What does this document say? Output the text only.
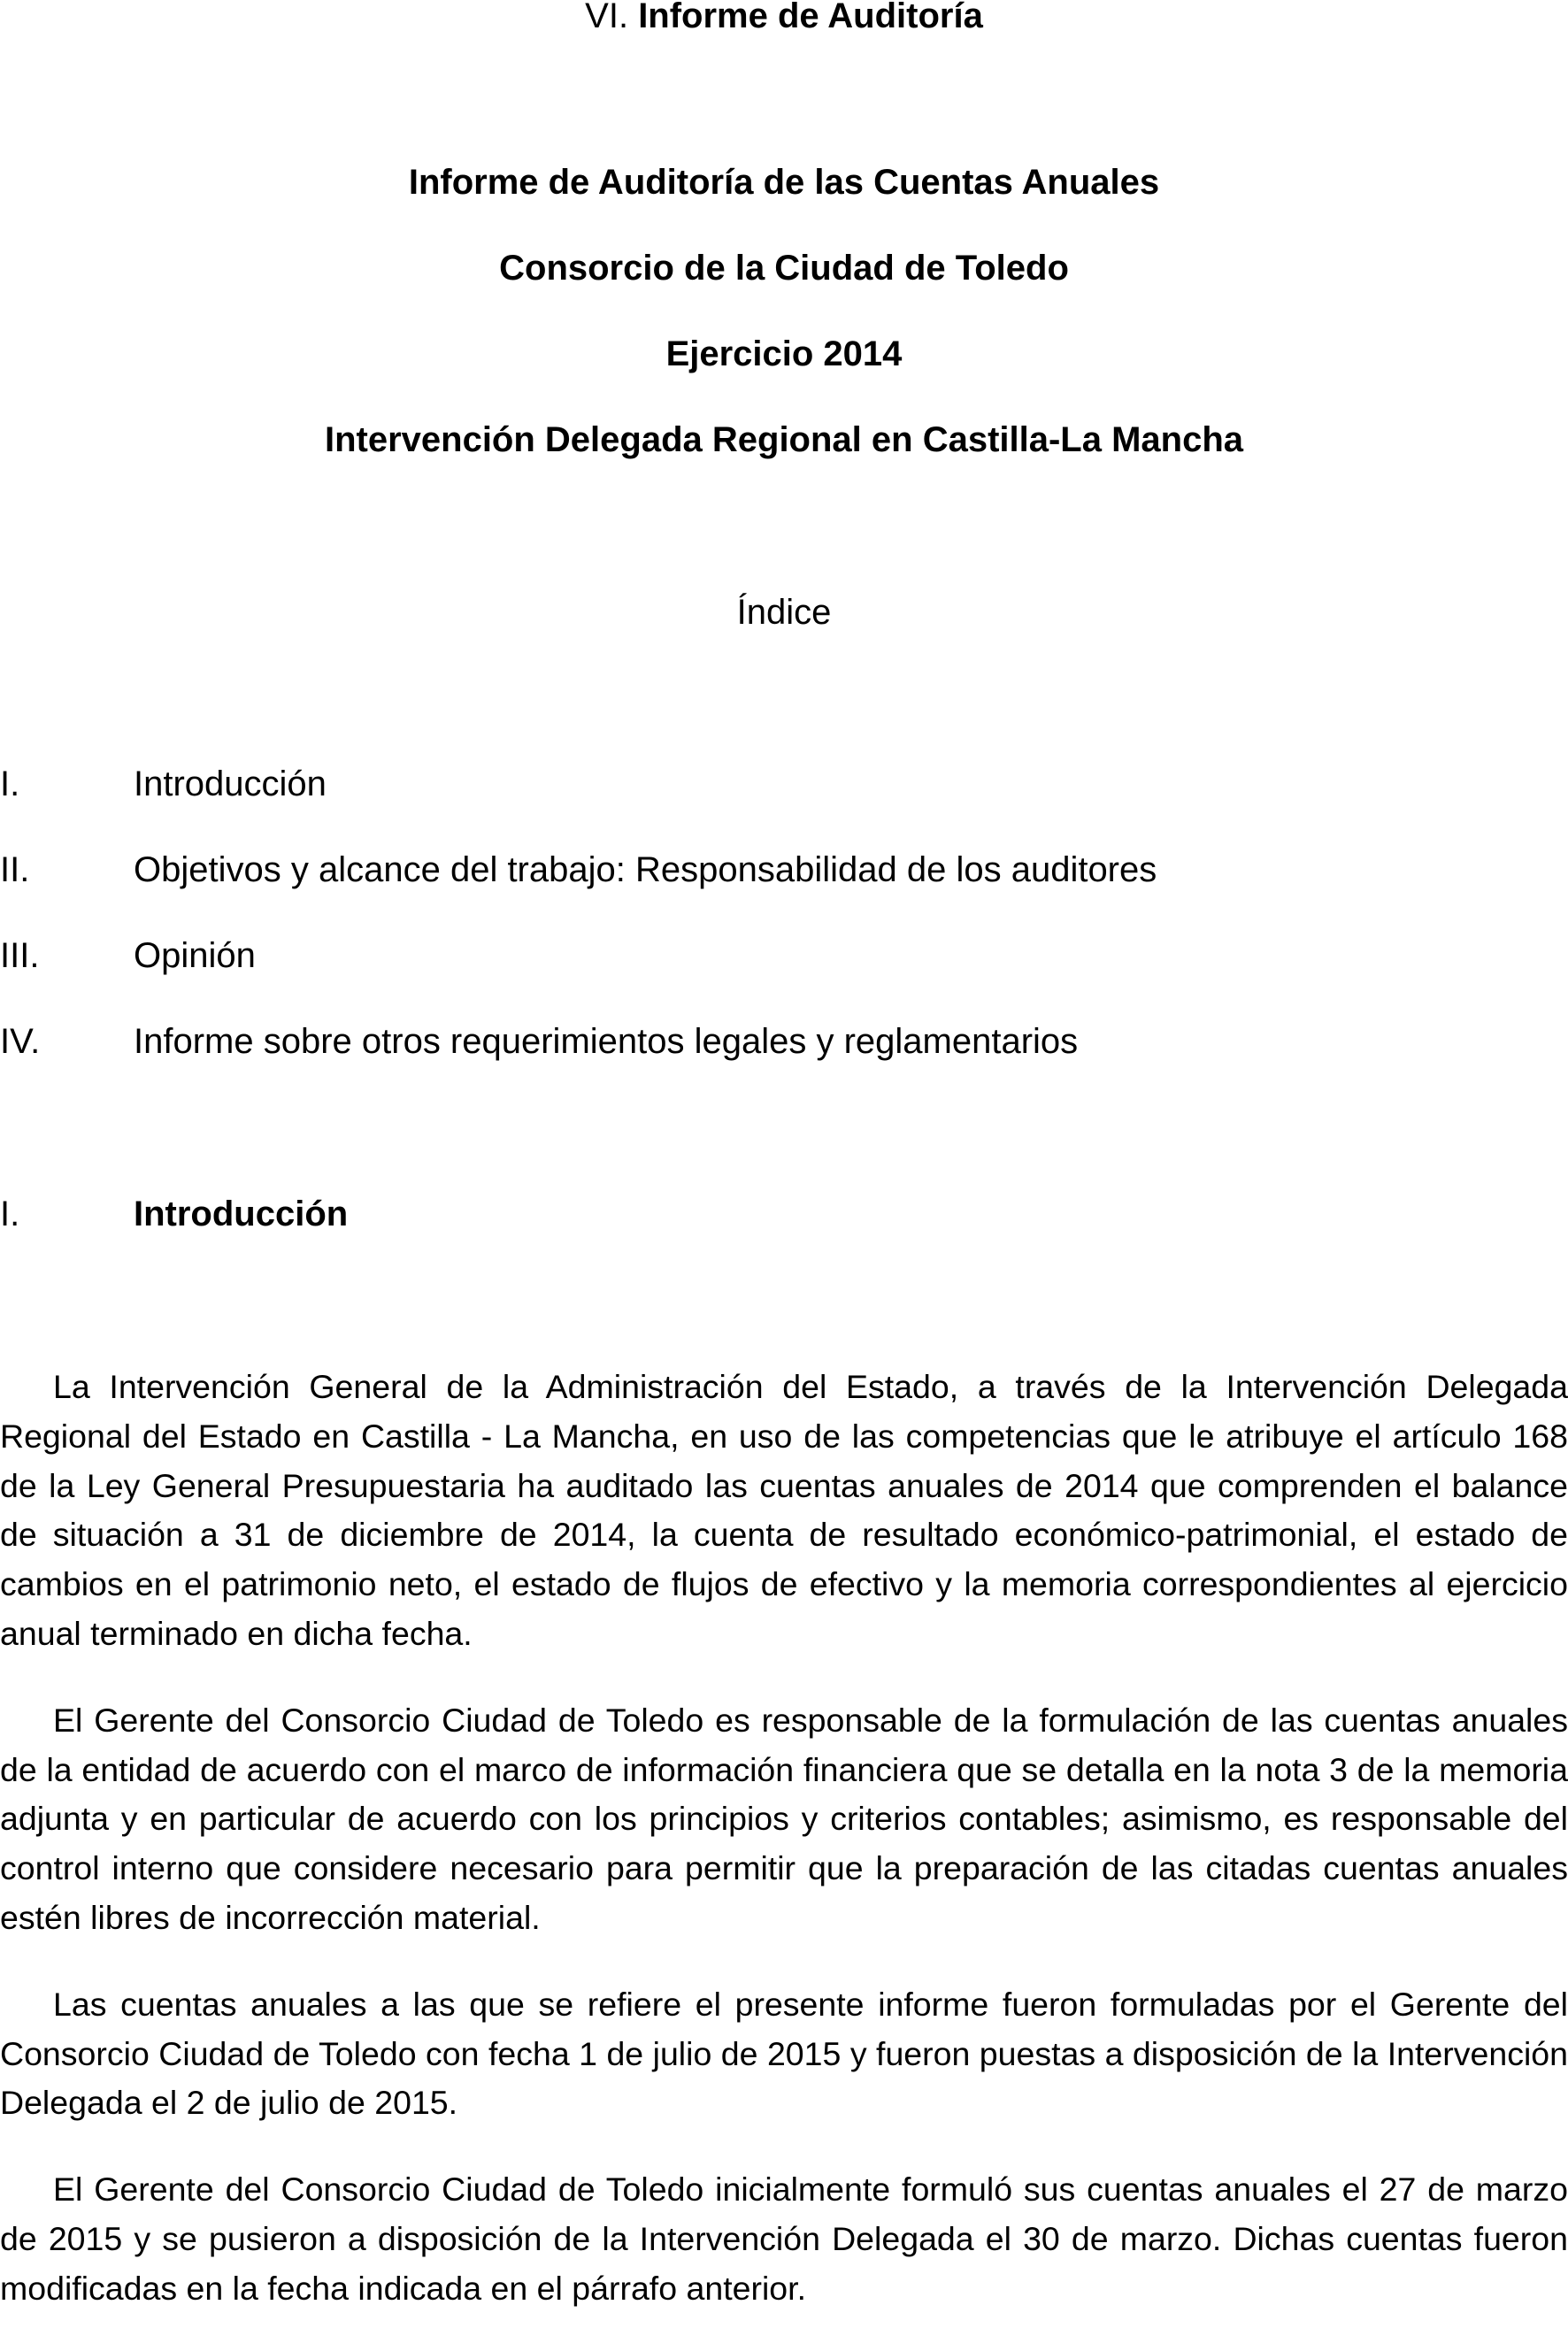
VI. Informe de Auditoría
Informe de Auditoría de las Cuentas Anuales
Consorcio de la Ciudad de Toledo
Ejercicio 2014
Intervención Delegada Regional en Castilla-La Mancha
Índice
I.	Introducción
II.	Objetivos y alcance del trabajo: Responsabilidad de los auditores
III.	Opinión
IV.	Informe sobre otros requerimientos legales y reglamentarios
I.	Introducción

La Intervención General de la Administración del Estado, a través de la Intervención Delegada Regional del Estado en Castilla - La Mancha, en uso de las competencias que le atribuye el artículo 168 de la Ley General Presupuestaria ha auditado las cuentas anuales de 2014 que comprenden el balance de situación a 31 de diciembre de 2014, la cuenta de resultado económico-patrimonial, el estado de cambios en el patrimonio neto, el estado de flujos de efectivo y la memoria correspondientes al ejercicio anual terminado en dicha fecha.

El Gerente del Consorcio Ciudad de Toledo es responsable de la formulación de las cuentas anuales de la entidad de acuerdo con el marco de información financiera que se detalla en la nota 3 de la memoria adjunta y en particular de acuerdo con los principios y criterios contables; asimismo, es responsable del control interno que considere necesario para permitir que la preparación de las citadas cuentas anuales estén libres de incorrección material.

Las cuentas anuales a las que se refiere el presente informe fueron formuladas por el Gerente del Consorcio Ciudad de Toledo con fecha 1 de julio de 2015 y fueron puestas a disposición de la Intervención Delegada el 2 de julio de 2015.

El Gerente del Consorcio Ciudad de Toledo inicialmente formuló sus cuentas anuales el 27 de marzo de 2015 y se pusieron a disposición de la Intervención Delegada el 30 de marzo. Dichas cuentas fueron modificadas en la fecha indicada en el párrafo anterior.
